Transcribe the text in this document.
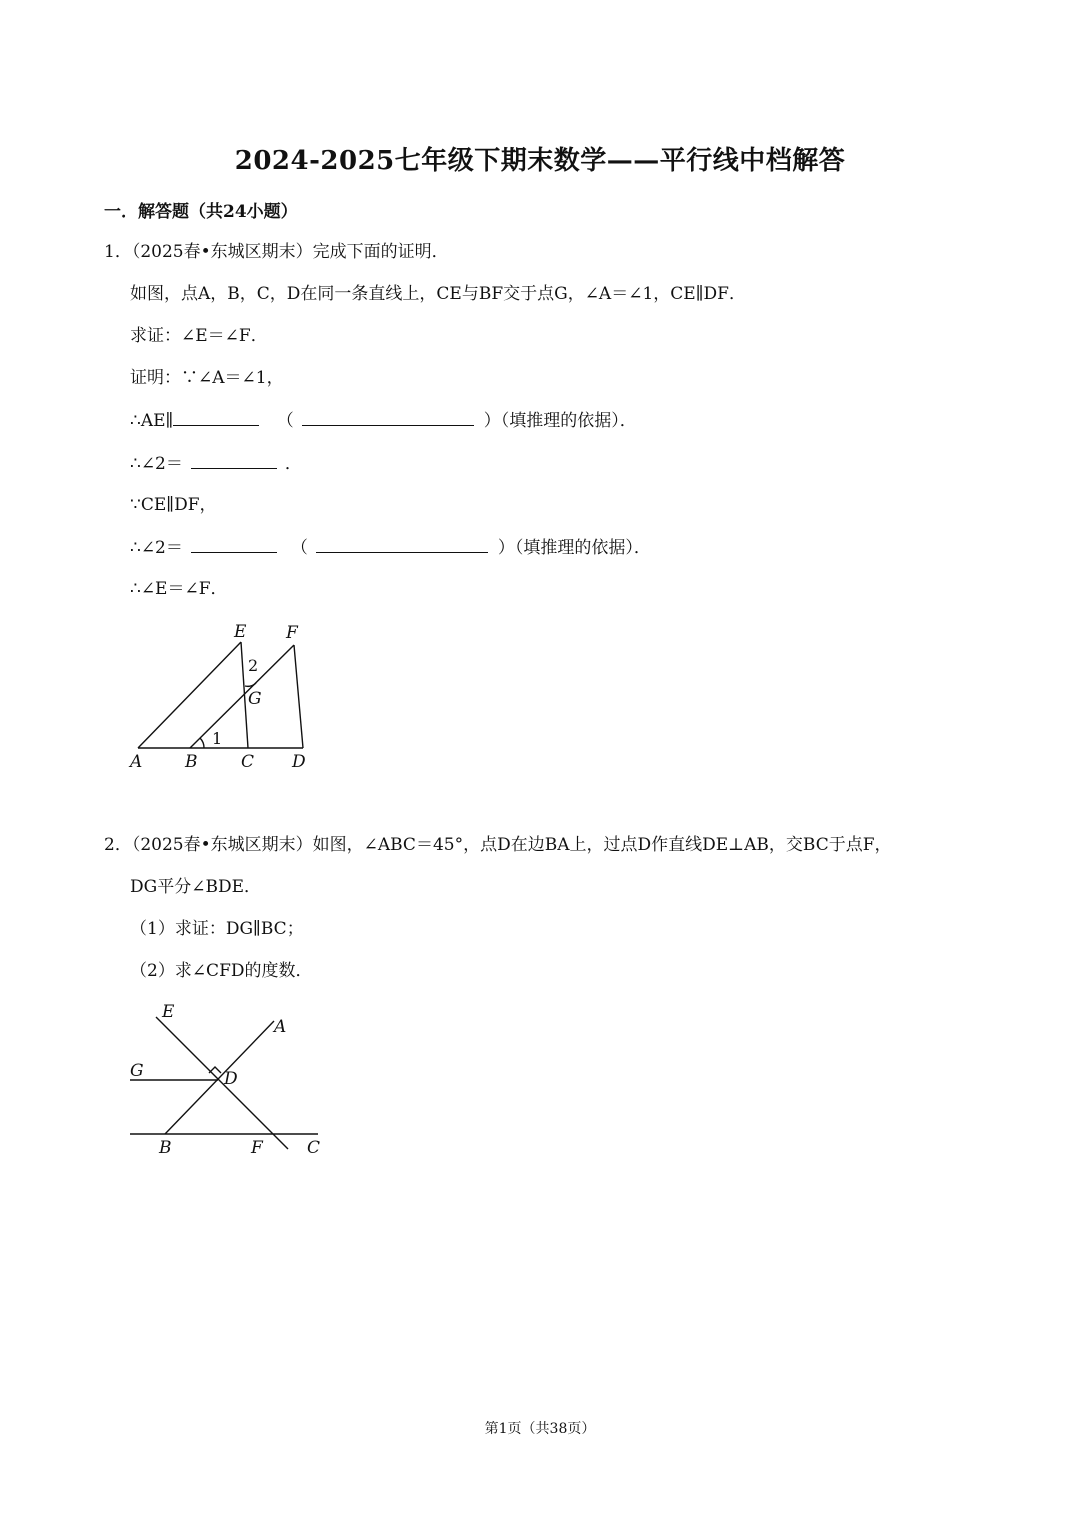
2024-2025七年级下期末数学——平行线中档解答
一．解答题（共24小题）
1．（2025春•东城区期末）完成下面的证明．
如图，点A，B，C，D在同一条直线上，CE与BF交于点G，∠A＝∠1，CE∥DF．
求证：∠E＝∠F．
证明：∵∠A＝∠1，
∴AE∥	（	）（填推理的依据）．
∴∠2＝	．
∵CE∥DF，
∴∠2＝	（	）（填推理的依据）．
∴∠E＝∠F．
E F
G
A	B	C D
2
1
2．（2025春•东城区期末）如图，∠ABC＝45°，点D在边BA上，过点D作直线DE⊥AB，交BC于点F，
DG平分∠BDE．
（1）求证：DG∥BC；
（2）求∠CFD的度数．
E
A
G	D
B	F	C
第1页（共38页）
